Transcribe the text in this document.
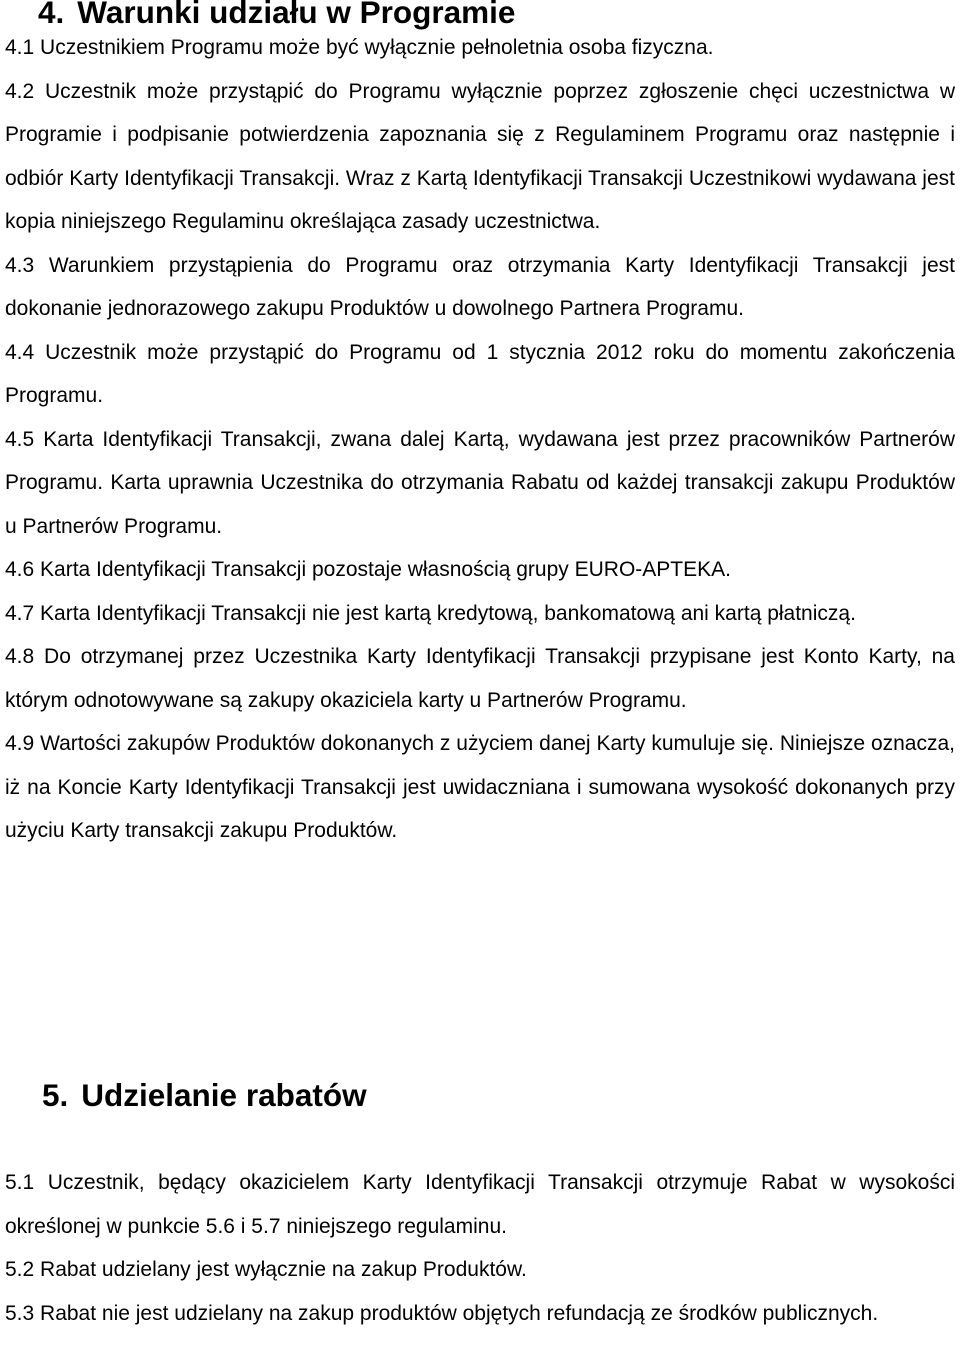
4. Warunki udziału w Programie

4.1 Uczestnikiem Programu może być wyłącznie pełnoletnia osoba fizyczna.

4.2 Uczestnik może przystąpić do Programu wyłącznie poprzez zgłoszenie chęci uczestnictwa w Programie i podpisanie potwierdzenia zapoznania się z Regulaminem Programu oraz następnie i odbiór Karty Identyfikacji Transakcji. Wraz z Kartą Identyfikacji Transakcji Uczestnikowi wydawana jest kopia niniejszego Regulaminu określająca zasady uczestnictwa.

4.3 Warunkiem przystąpienia do Programu oraz otrzymania Karty Identyfikacji Transakcji jest dokonanie jednorazowego zakupu Produktów u dowolnego Partnera Programu.

4.4 Uczestnik może przystąpić do Programu od 1 stycznia 2012 roku do momentu zakończenia Programu.

4.5 Karta Identyfikacji Transakcji, zwana dalej Kartą, wydawana jest przez pracowników Partnerów Programu. Karta uprawnia Uczestnika do otrzymania Rabatu od każdej transakcji zakupu Produktów u Partnerów Programu.

4.6 Karta Identyfikacji Transakcji pozostaje własnością grupy EURO-APTEKA.

4.7 Karta Identyfikacji Transakcji nie jest kartą kredytową, bankomatową ani kartą płatniczą.

4.8 Do otrzymanej przez Uczestnika Karty Identyfikacji Transakcji przypisane jest Konto Karty, na którym odnotowywane są zakupy okaziciela karty u Partnerów Programu.

4.9 Wartości zakupów Produktów dokonanych z użyciem danej Karty kumuluje się. Niniejsze oznacza, iż na Koncie Karty Identyfikacji Transakcji jest uwidaczniana i sumowana wysokość dokonanych przy użyciu Karty transakcji zakupu Produktów.

5. Udzielanie rabatów

5.1 Uczestnik, będący okazicielem Karty Identyfikacji Transakcji otrzymuje Rabat w wysokości określonej w punkcie 5.6 i 5.7 niniejszego regulaminu.

5.2 Rabat udzielany jest wyłącznie na zakup Produktów.

5.3 Rabat nie jest udzielany na zakup produktów objętych refundacją ze środków publicznych.
